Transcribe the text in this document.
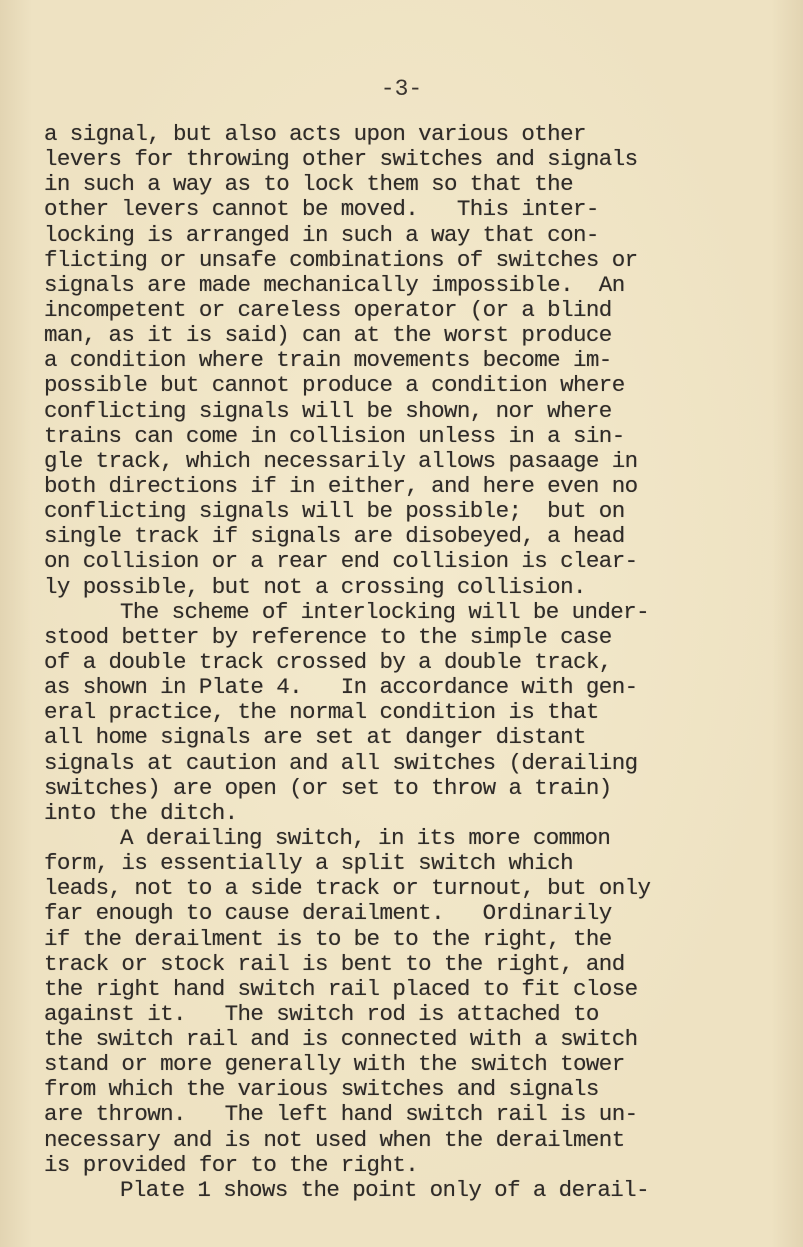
-3-
a signal, but also acts upon various other
levers for throwing other switches and signals
in such a way as to lock them so that the
other levers cannot be moved.   This inter-
locking is arranged in such a way that con-
flicting or unsafe combinations of switches or
signals are made mechanically impossible.  An
incompetent or careless operator (or a blind
man, as it is said) can at the worst produce
a condition where train movements become im-
possible but cannot produce a condition where
conflicting signals will be shown, nor where
trains can come in collision unless in a sin-
gle track, which necessarily allows pasaage in
both directions if in either, and here even no
conflicting signals will be possible;  but on
single track if signals are disobeyed, a head
on collision or a rear end collision is clear-
ly possible, but not a crossing collision.
The scheme of interlocking will be under-
stood better by reference to the simple case
of a double track crossed by a double track,
as shown in Plate 4.   In accordance with gen-
eral practice, the normal condition is that
all home signals are set at danger distant
signals at caution and all switches (derailing
switches) are open (or set to throw a train)
into the ditch.
A derailing switch, in its more common
form, is essentially a split switch which
leads, not to a side track or turnout, but only
far enough to cause derailment.   Ordinarily
if the derailment is to be to the right, the
track or stock rail is bent to the right, and
the right hand switch rail placed to fit close
against it.   The switch rod is attached to
the switch rail and is connected with a switch
stand or more generally with the switch tower
from which the various switches and signals
are thrown.   The left hand switch rail is un-
necessary and is not used when the derailment
is provided for to the right.
Plate 1 shows the point only of a derail-
